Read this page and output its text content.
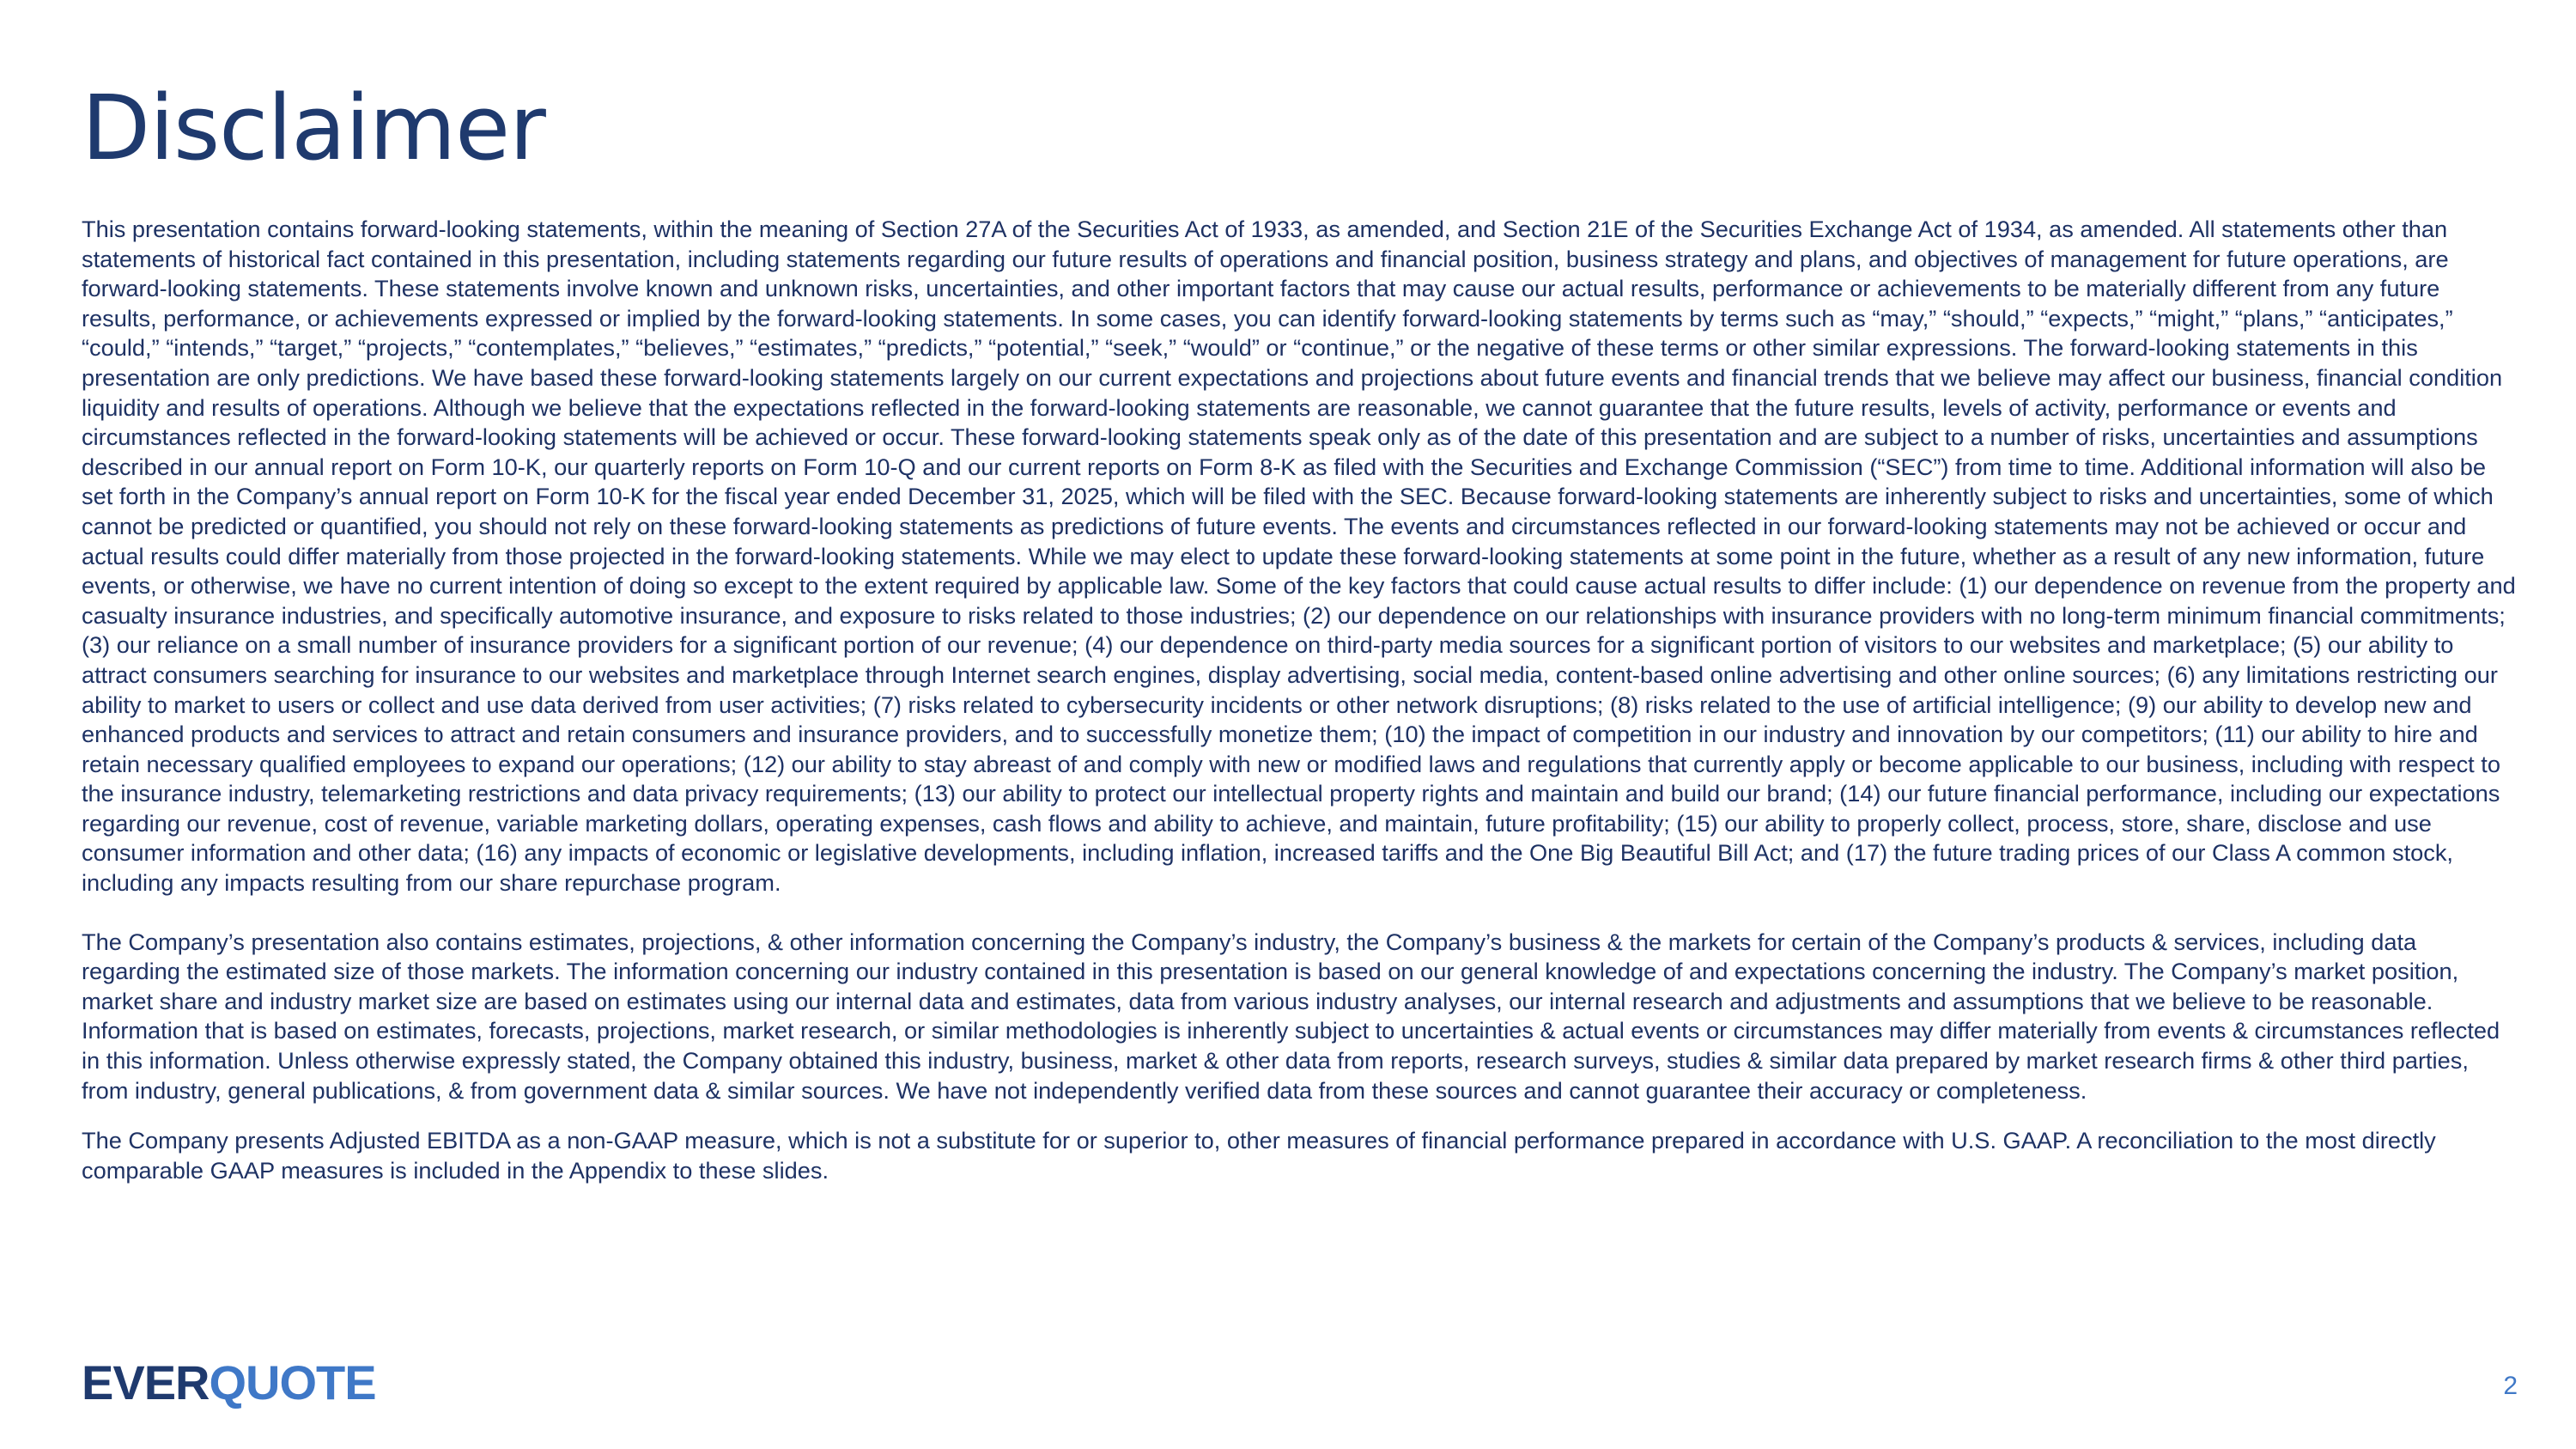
Disclaimer

This presentation contains forward-looking statements, within the meaning of Section 27A of the Securities Act of 1933, as amended, and Section 21E of the Securities Exchange Act of 1934, as amended. All statements other than statements of historical fact contained in this presentation, including statements regarding our future results of operations and financial position, business strategy and plans, and objectives of management for future operations, are forward-looking statements. These statements involve known and unknown risks, uncertainties, and other important factors that may cause our actual results, performance or achievements to be materially different from any future results, performance, or achievements expressed or implied by the forward-looking statements. In some cases, you can identify forward-looking statements by terms such as “may,” “should,” “expects,” “might,” “plans,” “anticipates,” “could,” “intends,” “target,” “projects,” “contemplates,” “believes,” “estimates,” “predicts,” “potential,” “seek,” “would” or “continue,” or the negative of these terms or other similar expressions. The forward-looking statements in this presentation are only predictions. We have based these forward-looking statements largely on our current expectations and projections about future events and financial trends that we believe may affect our business, financial condition liquidity and results of operations. Although we believe that the expectations reflected in the forward-looking statements are reasonable, we cannot guarantee that the future results, levels of activity, performance or events and circumstances reflected in the forward-looking statements will be achieved or occur. These forward-looking statements speak only as of the date of this presentation and are subject to a number of risks, uncertainties and assumptions described in our annual report on Form 10-K, our quarterly reports on Form 10-Q and our current reports on Form 8-K as filed with the Securities and Exchange Commission (“SEC”) from time to time. Additional information will also be set forth in the Company’s annual report on Form 10-K for the fiscal year ended December 31, 2025, which will be filed with the SEC. Because forward-looking statements are inherently subject to risks and uncertainties, some of which cannot be predicted or quantified, you should not rely on these forward-looking statements as predictions of future events. The events and circumstances reflected in our forward-looking statements may not be achieved or occur and actual results could differ materially from those projected in the forward-looking statements. While we may elect to update these forward-looking statements at some point in the future, whether as a result of any new information, future events, or otherwise, we have no current intention of doing so except to the extent required by applicable law. Some of the key factors that could cause actual results to differ include: (1) our dependence on revenue from the property and casualty insurance industries, and specifically automotive insurance, and exposure to risks related to those industries; (2) our dependence on our relationships with insurance providers with no long-term minimum financial commitments; (3) our reliance on a small number of insurance providers for a significant portion of our revenue; (4) our dependence on third-party media sources for a significant portion of visitors to our websites and marketplace; (5) our ability to attract consumers searching for insurance to our websites and marketplace through Internet search engines, display advertising, social media, content-based online advertising and other online sources; (6) any limitations restricting our ability to market to users or collect and use data derived from user activities; (7) risks related to cybersecurity incidents or other network disruptions; (8) risks related to the use of artificial intelligence; (9) our ability to develop new and enhanced products and services to attract and retain consumers and insurance providers, and to successfully monetize them; (10) the impact of competition in our industry and innovation by our competitors; (11) our ability to hire and retain necessary qualified employees to expand our operations; (12) our ability to stay abreast of and comply with new or modified laws and regulations that currently apply or become applicable to our business, including with respect to the insurance industry, telemarketing restrictions and data privacy requirements; (13) our ability to protect our intellectual property rights and maintain and build our brand; (14) our future financial performance, including our expectations regarding our revenue, cost of revenue, variable marketing dollars, operating expenses, cash flows and ability to achieve, and maintain, future profitability; (15) our ability to properly collect, process, store, share, disclose and use consumer information and other data; (16) any impacts of economic or legislative developments, including inflation, increased tariffs and the One Big Beautiful Bill Act; and (17) the future trading prices of our Class A common stock, including any impacts resulting from our share repurchase program.

The Company’s presentation also contains estimates, projections, & other information concerning the Company’s industry, the Company’s business & the markets for certain of the Company’s products & services, including data regarding the estimated size of those markets. The information concerning our industry contained in this presentation is based on our general knowledge of and expectations concerning the industry. The Company’s market position, market share and industry market size are based on estimates using our internal data and estimates, data from various industry analyses, our internal research and adjustments and assumptions that we believe to be reasonable. Information that is based on estimates, forecasts, projections, market research, or similar methodologies is inherently subject to uncertainties & actual events or circumstances may differ materially from events & circumstances reflected in this information. Unless otherwise expressly stated, the Company obtained this industry, business, market & other data from reports, research surveys, studies & similar data prepared by market research firms & other third parties, from industry, general publications, & from government data & similar sources. We have not independently verified data from these sources and cannot guarantee their accuracy or completeness.

The Company presents Adjusted EBITDA as a non-GAAP measure, which is not a substitute for or superior to, other measures of financial performance prepared in accordance with U.S. GAAP. A reconciliation to the most directly comparable GAAP measures is included in the Appendix to these slides.

EVERQUOTE	2
